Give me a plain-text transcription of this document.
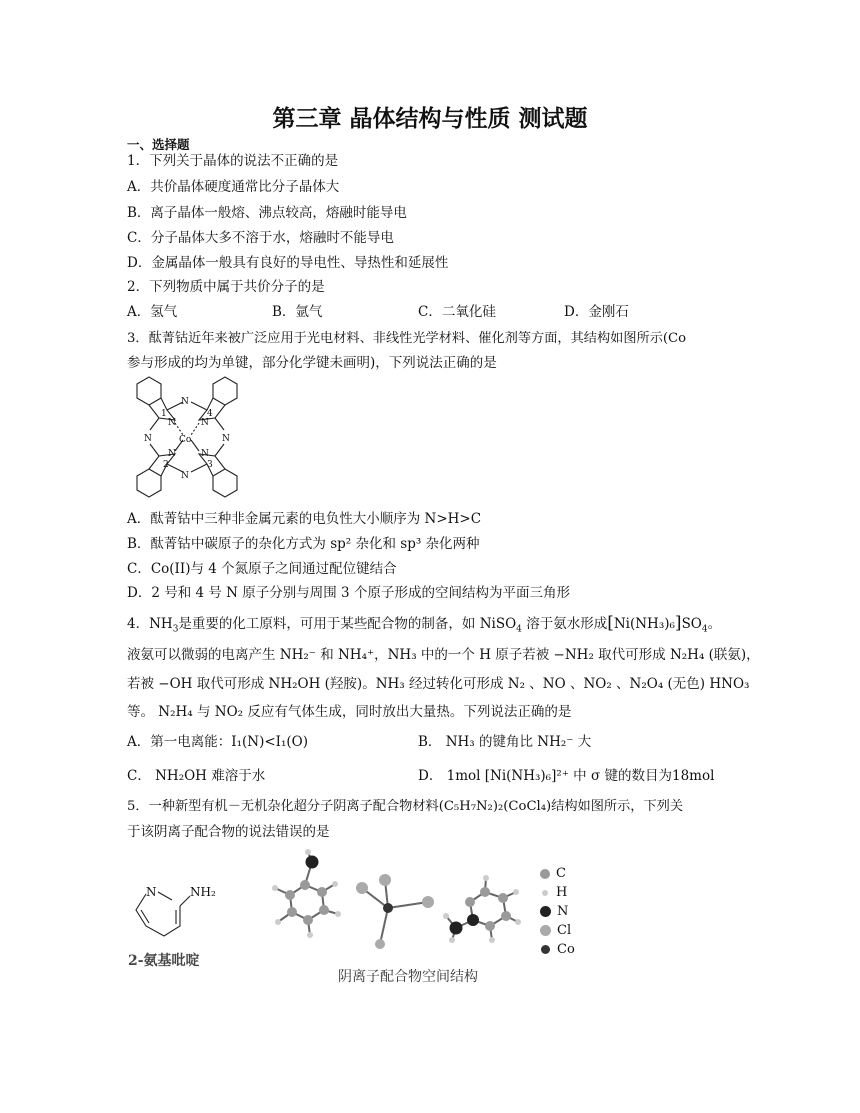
第三章 晶体结构与性质 测试题
一、选择题
1．下列关于晶体的说法不正确的是
A．共价晶体硬度通常比分子晶体大
B．离子晶体一般熔、沸点较高，熔融时能导电
C．分子晶体大多不溶于水，熔融时不能导电
D．金属晶体一般具有良好的导电性、导热性和延展性
2．下列物质中属于共价分子的是
A．氢气	B．氩气	C．二氧化硅	D．金刚石
3．酞菁钴近年来被广泛应用于光电材料、非线性光学材料、催化剂等方面，其结构如图所示(Co
参与形成的均为单键，部分化学键未画明)，下列说法正确的是
N
N	N
N
N	N
N	N
1	4
2	3
Co
A．酞菁钴中三种非金属元素的电负性大小顺序为 N>H>C
B．酞菁钴中碳原子的杂化方式为 sp² 杂化和 sp³ 杂化两种
C．Co(II)与 4 个氮原子之间通过配位键结合
D．2 号和 4 号 N 原子分别与周围 3 个原子形成的空间结构为平面三角形
4．$NH_3$是重要的化工原料，可用于某些配合物的制备，如 NiSO$_4$ 溶于氨水形成$[Ni(NH_3)_6]SO_4$。
液氨可以微弱的电离产生 NH₂⁻ 和 NH₄⁺，NH₃ 中的一个 H 原子若被 −NH₂ 取代可形成 N₂H₄ (联氨)，
若被 −OH 取代可形成 NH₂OH (羟胺)。NH₃ 经过转化可形成 N₂ 、NO 、NO₂ 、N₂O₄ (无色) HNO₃
等。 N₂H₄ 与 NO₂ 反应有气体生成，同时放出大量热。下列说法正确的是
A．第一电离能：I₁(N)<I₁(O)	B． NH₃ 的键角比 NH₂⁻ 大
C． NH₂OH 难溶于水	D． 1mol [Ni(NH₃)₆]²⁺ 中 σ 键的数目为18mol
5．一种新型有机－无机杂化超分子阴离子配合物材料(C₅H₇N₂)₂(CoCl₄)结构如图所示，下列关
于该阴离子配合物的说法错误的是
N	NH₂
2-氨基吡啶
阴离子配合物空间结构
C
H
N
Cl
Co
